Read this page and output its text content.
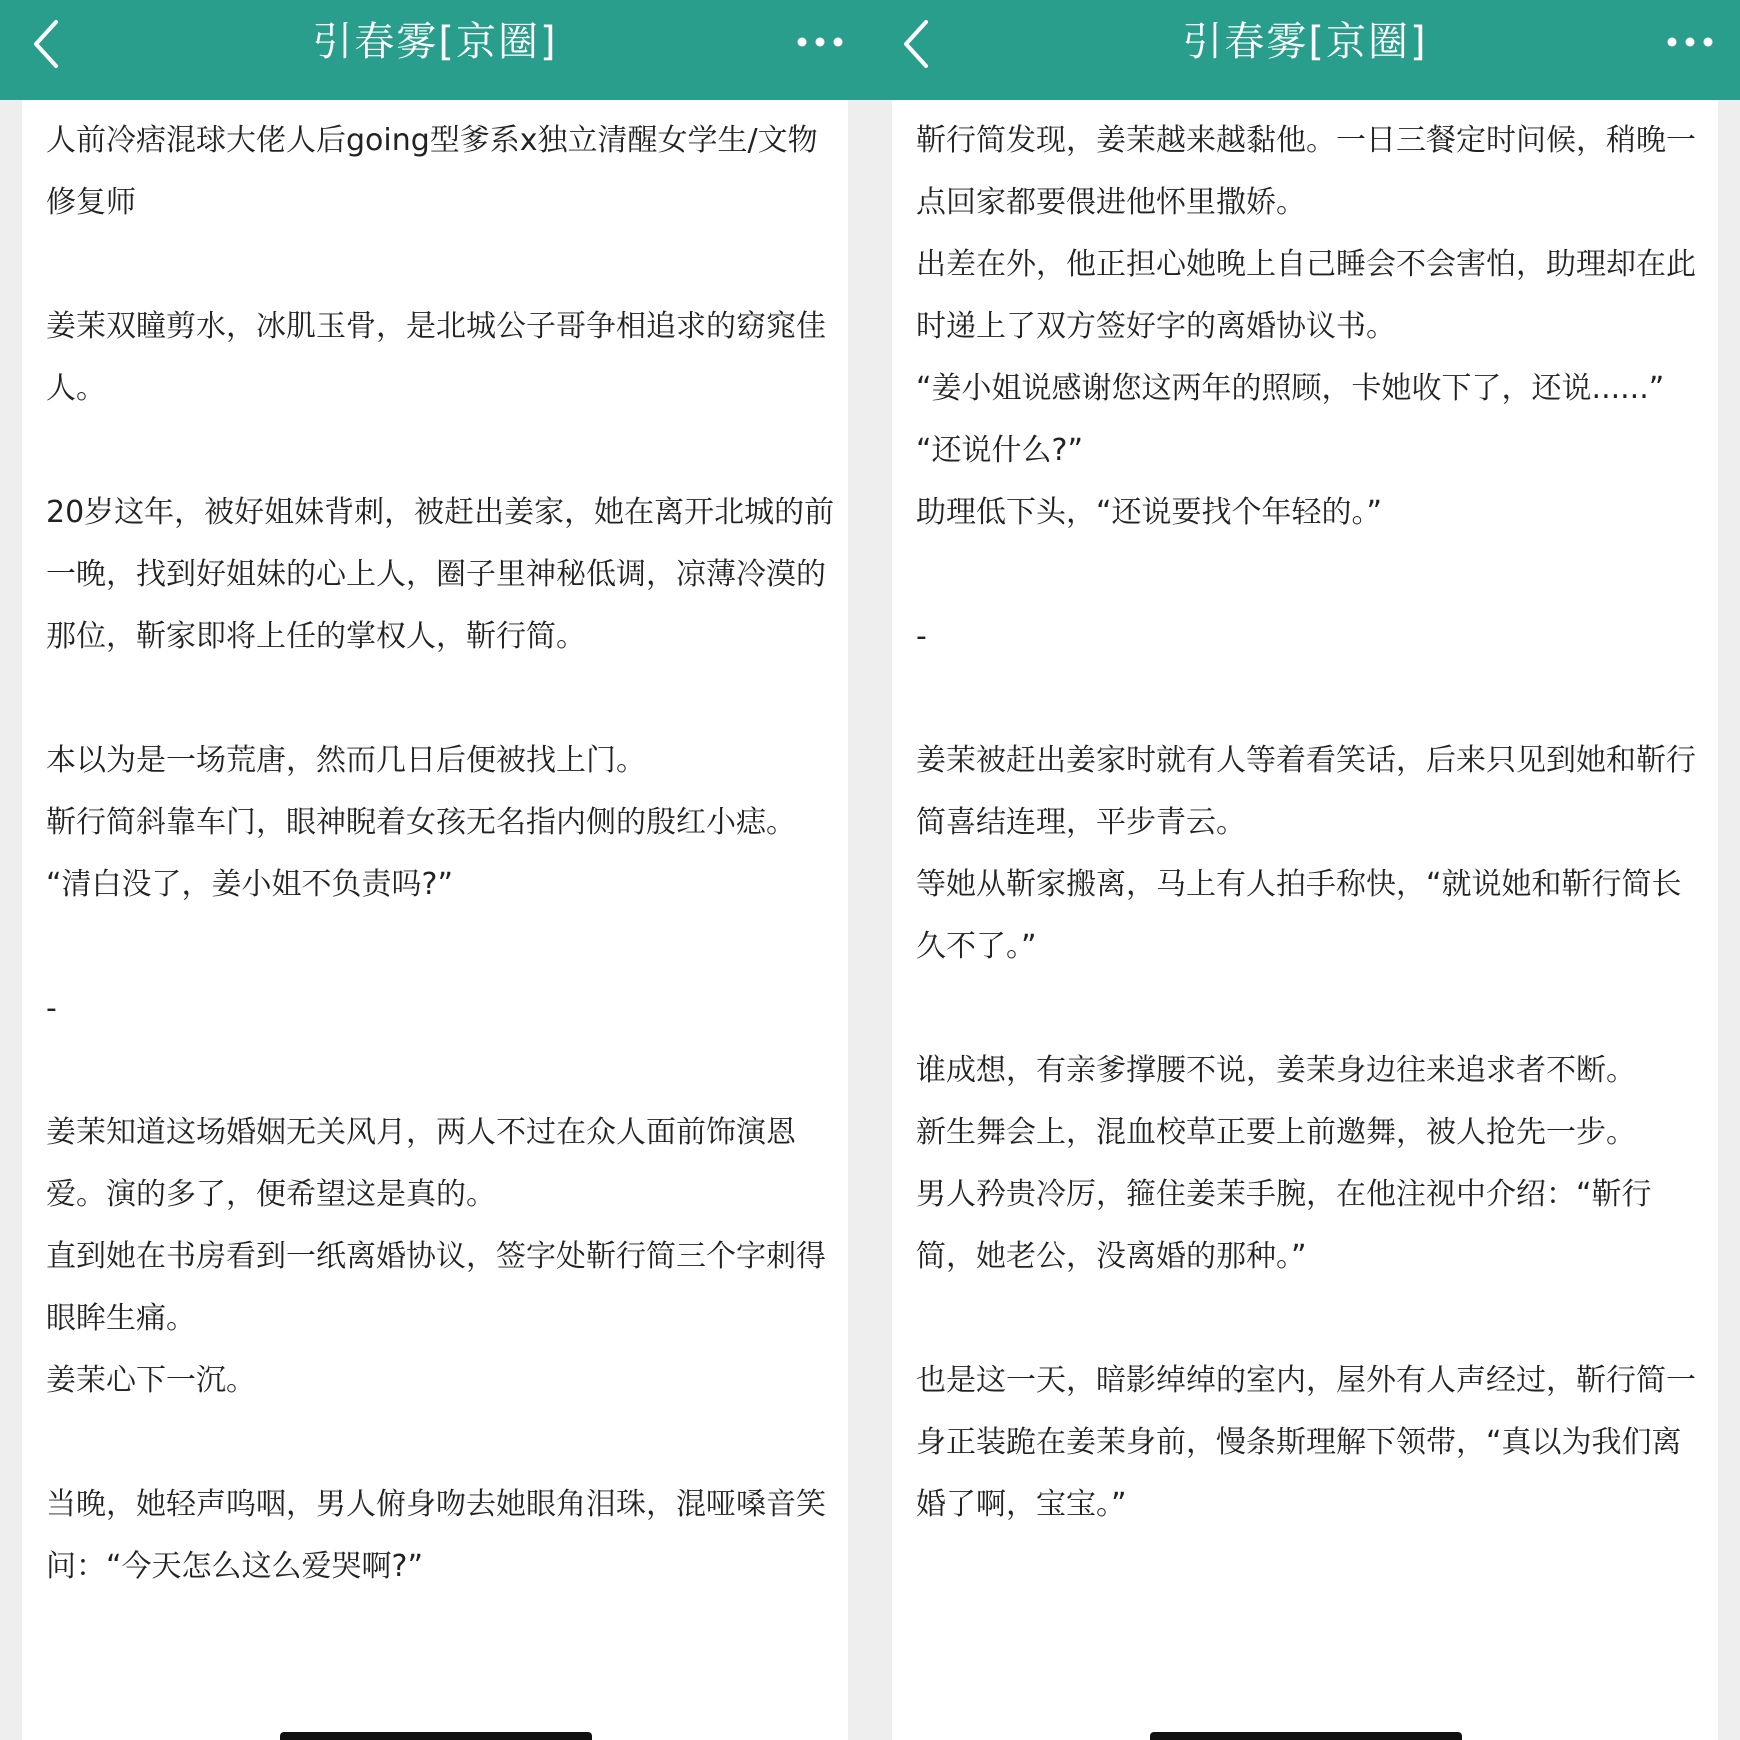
引春雾[京圈]

人前冷痞混球大佬人后going型爹系x独立清醒女学生/文物修复师

姜茉双瞳剪水，冰肌玉骨，是北城公子哥争相追求的窈窕佳人。

20岁这年，被好姐妹背刺，被赶出姜家，她在离开北城的前一晚，找到好姐妹的心上人，圈子里神秘低调，凉薄冷漠的那位，靳家即将上任的掌权人，靳行简。

本以为是一场荒唐，然而几日后便被找上门。

靳行简斜靠车门，眼神睨着女孩无名指内侧的殷红小痣。

“清白没了，姜小姐不负责吗?”

-

姜茉知道这场婚姻无关风月，两人不过在众人面前饰演恩爱。演的多了，便希望这是真的。

直到她在书房看到一纸离婚协议，签字处靳行简三个字刺得眼眸生痛。

姜茉心下一沉。

当晚，她轻声呜咽，男人俯身吻去她眼角泪珠，混哑嗓音笑问：“今天怎么这么爱哭啊?”

引春雾[京圈]

靳行简发现，姜茉越来越黏他。一日三餐定时问候，稍晚一点回家都要偎进他怀里撒娇。

出差在外，他正担心她晚上自己睡会不会害怕，助理却在此时递上了双方签好字的离婚协议书。

“姜小姐说感谢您这两年的照顾，卡她收下了，还说......”

“还说什么?”

助理低下头，“还说要找个年轻的。”

-

姜茉被赶出姜家时就有人等着看笑话，后来只见到她和靳行简喜结连理，平步青云。

等她从靳家搬离，马上有人拍手称快，“就说她和靳行简长久不了。”

谁成想，有亲爹撑腰不说，姜茉身边往来追求者不断。

新生舞会上，混血校草正要上前邀舞，被人抢先一步。

男人矜贵冷厉，箍住姜茉手腕，在他注视中介绍：“靳行简，她老公，没离婚的那种。”

也是这一天，暗影绰绰的室内，屋外有人声经过，靳行简一身正装跪在姜茉身前，慢条斯理解下领带，“真以为我们离婚了啊，宝宝。”
